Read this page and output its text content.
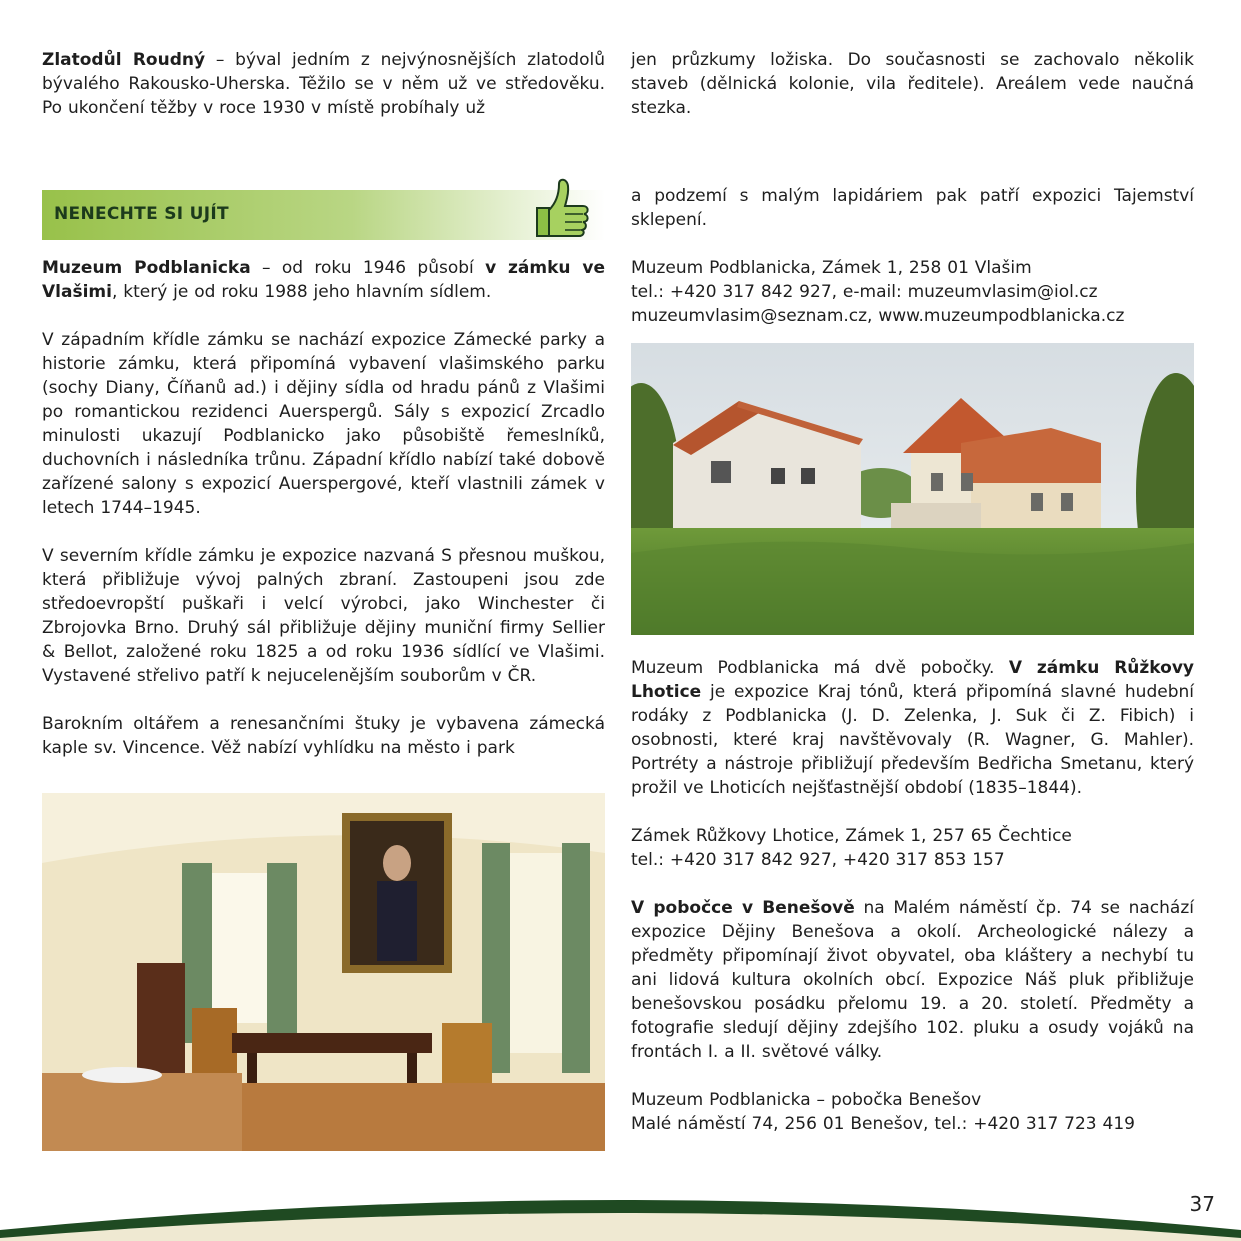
Zlatodůl Roudný – býval jedním z nejvýnosnějších zlatodolů bývalého Rakousko-Uherska. Těžilo se v něm už ve středověku. Po ukončení těžby v roce 1930 v místě probíhaly už

jen průzkumy ložiska. Do současnosti se zachovalo několik staveb (dělnická kolonie, vila ředitele). Areálem vede naučná stezka.

NENECHTE SI UJÍT

Muzeum Podblanicka – od roku 1946 působí v zámku ve Vlašimi, který je od roku 1988 jeho hlavním sídlem.

V západním křídle zámku se nachází expozice Zámecké parky a historie zámku, která připomíná vybavení vlašimského parku (sochy Diany, Číňanů ad.) i dějiny sídla od hradu pánů z Vlašimi po romantickou rezidenci Auerspergů. Sály s expozicí Zrcadlo minulosti ukazují Podblanicko jako působiště řemeslníků, duchovních i následníka trůnu. Západní křídlo nabízí také dobově zařízené salony s expozicí Auerspergové, kteří vlastnili zámek v letech 1744–1945.

V severním křídle zámku je expozice nazvaná S přesnou muškou, která přibližuje vývoj palných zbraní. Zastoupeni jsou zde středoevropští puškaři i velcí výrobci, jako Winchester či Zbrojovka Brno. Druhý sál přibližuje dějiny muniční firmy Sellier & Bellot, založené roku 1825 a od roku 1936 sídlící ve Vlašimi. Vystavené střelivo patří k nejucelenějším souborům v ČR.

Barokním oltářem a renesančními štuky je vybavena zámecká kaple sv. Vincence. Věž nabízí vyhlídku na město i park

a podzemí s malým lapidáriem pak patří expozici Tajemství sklepení.

Muzeum Podblanicka, Zámek 1, 258 01 Vlašim
tel.: +420 317 842 927, e-mail: muzeumvlasim@iol.cz
muzeumvlasim@seznam.cz, www.muzeumpodblanicka.cz

Muzeum Podblanicka má dvě pobočky. V zámku Růžkovy Lhotice je expozice Kraj tónů, která připomíná slavné hudební rodáky z Podblanicka (J. D. Zelenka, J. Suk či Z. Fibich) i osobnosti, které kraj navštěvovaly (R. Wagner, G. Mahler). Portréty a nástroje přibližují především Bedřicha Smetanu, který prožil ve Lhoticích nejšťastnější období (1835–1844).

Zámek Růžkovy Lhotice, Zámek 1, 257 65 Čechtice
tel.: +420 317 842 927, +420 317 853 157

V pobočce v Benešově na Malém náměstí čp. 74 se nachází expozice Dějiny Benešova a okolí. Archeologické nálezy a předměty připomínají život obyvatel, oba kláštery a nechybí tu ani lidová kultura okolních obcí. Expozice Náš pluk přibližuje benešovskou posádku přelomu 19. a 20. století. Předměty a fotografie sledují dějiny zdejšího 102. pluku a osudy vojáků na frontách I. a II. světové války.

Muzeum Podblanicka – pobočka Benešov
Malé náměstí 74, 256 01 Benešov, tel.: +420 317 723 419
37
